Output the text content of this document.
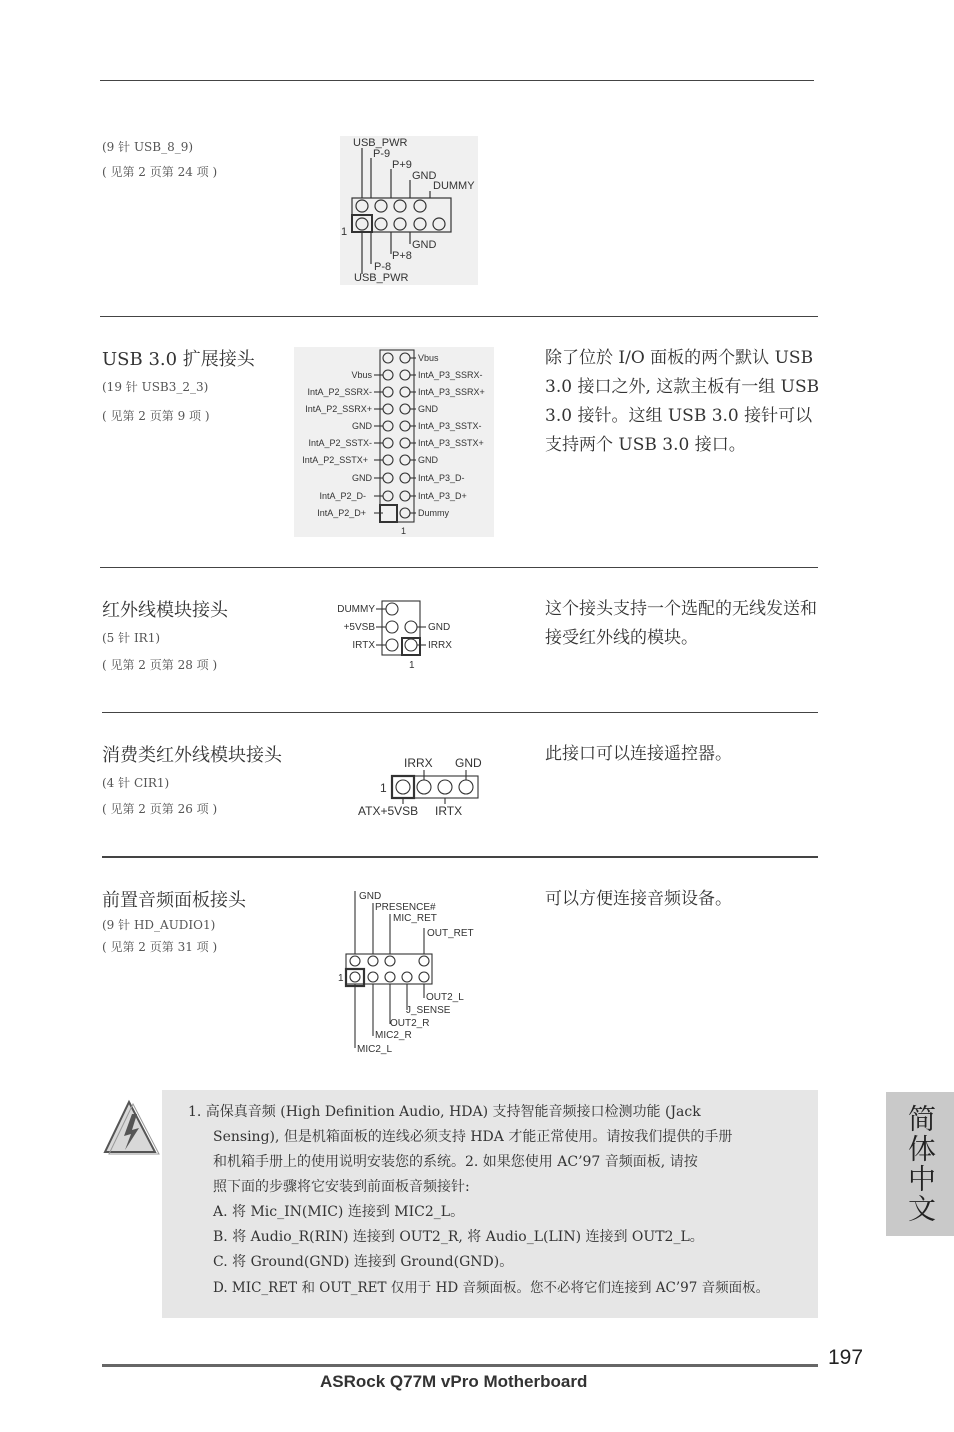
(9 针 USB_8_9)
( 见第 2 页第 24 项 )
USB_PWR
P-9
P+9
GND
DUMMY
1
GND
P+8
P-8
USB_PWR
USB 3.0 扩展接头
(19 针 USB3_2_3)
( 见第 2 页第 9 项 )
Vbus
IntA_P2_SSRX-
IntA_P2_SSRX+
GND
IntA_P2_SSTX-
IntA_P2_SSTX+
GND
IntA_P2_D-
IntA_P2_D+
Vbus
IntA_P3_SSRX-
IntA_P3_SSRX+
GND
IntA_P3_SSTX-
IntA_P3_SSTX+
GND
IntA_P3_D-
IntA_P3_D+
Dummy
1
除了位於 I/O 面板的两个默认 USB 3.0 接口之外, 这款主板有一组 USB 3.0 接针。这组 USB 3.0 接针可以支持两个 USB 3.0 接口。
红外线模块接头
(5 针 IR1)
( 见第 2 页第 28 项 )
DUMMY
+5VSB
IRTX
GND
IRRX
1
这个接头支持一个选配的无线发送和接受红外线的模块。
消费类红外线模块接头
(4 针 CIR1)
( 见第 2 页第 26 项 )
IRRX GND
1
ATX+5VSB IRTX
此接口可以连接遥控器。
前置音频面板接头
(9 针 HD_AUDIO1)
( 见第 2 页第 31 项 )
GND
PRESENCE#
MIC_RET
OUT_RET
1
OUT2_L
J_SENSE
OUT2_R
MIC2_R
MIC2_L
可以方便连接音频设备。
1. 高保真音频 (High Definition Audio, HDA) 支持智能音频接口检测功能 (Jack
Sensing), 但是机箱面板的连线必须支持 HDA 才能正常使用。请按我们提供的手册
和机箱手册上的使用说明安装您的系统。2. 如果您使用 AC’97 音频面板, 请按
照下面的步骤将它安装到前面板音频接针:
A. 将 Mic_IN(MIC) 连接到 MIC2_L。
B. 将 Audio_R(RIN) 连接到 OUT2_R, 将 Audio_L(LIN) 连接到 OUT2_L。
C. 将 Ground(GND) 连接到 Ground(GND)。
D. MIC_RET 和 OUT_RET 仅用于 HD 音频面板。您不必将它们连接到 AC’97 音频面板。
简体中文
197
ASRock Q77M vPro Motherboard
